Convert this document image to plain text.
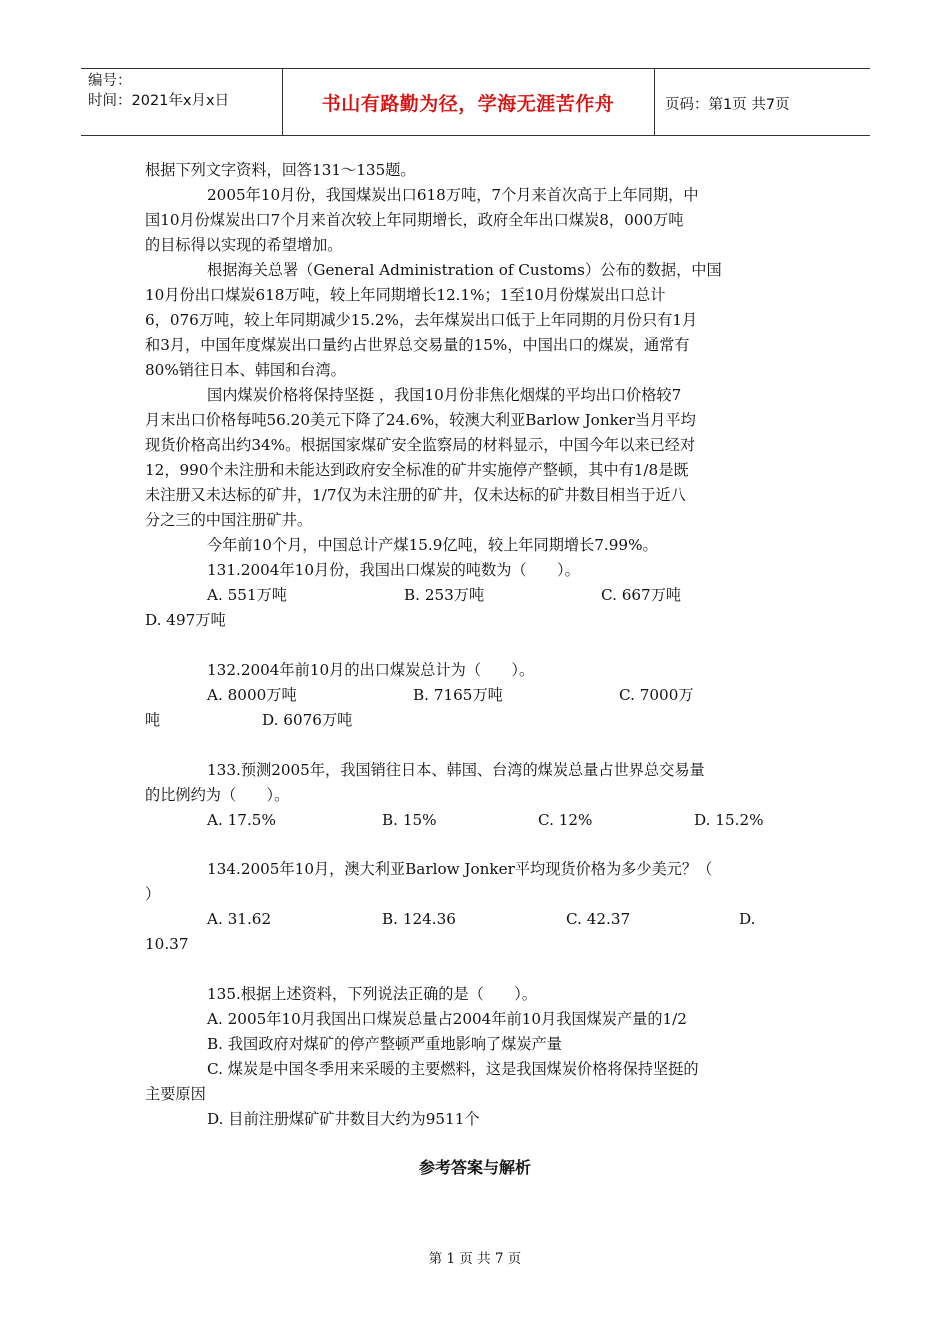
编号：
时间：2021年x月x日	书山有路勤为径，学海无涯苦作舟	页码：第1页 共7页
根据下列文字资料，回答131～135题。
2005年10月份，我国煤炭出口618万吨，7个月来首次高于上年同期，中
国10月份煤炭出口7个月来首次较上年同期增长，政府全年出口煤炭8，000万吨
的目标得以实现的希望增加。
根据海关总署（General Administration of Customs）公布的数据，中国
10月份出口煤炭618万吨，较上年同期增长12.1%；1至10月份煤炭出口总计
6，076万吨，较上年同期减少15.2%，去年煤炭出口低于上年同期的月份只有1月
和3月，中国年度煤炭出口量约占世界总交易量的15%，中国出口的煤炭，通常有
80%销往日本、韩国和台湾。
国内煤炭价格将保持坚挺 ，我国10月份非焦化烟煤的平均出口价格较7
月末出口价格每吨56.20美元下降了24.6%，较澳大利亚Barlow Jonker当月平均
现货价格高出约34%。根据国家煤矿安全监察局的材料显示，中国今年以来已经对
12，990个未注册和未能达到政府安全标准的矿井实施停产整顿，其中有1/8是既
未注册又未达标的矿井，1/7仅为未注册的矿井，仅未达标的矿井数目相当于近八
分之三的中国注册矿井。
今年前10个月，中国总计产煤15.9亿吨，较上年同期增长7.99%。
131.2004年10月份，我国出口煤炭的吨数为（　　）。
A. 551万吨	B. 253万吨	C. 667万吨
D. 497万吨
132.2004年前10月的出口煤炭总计为（　　）。
A. 8000万吨	B. 7165万吨	C. 7000万
吨	D. 6076万吨
133.预测2005年，我国销往日本、韩国、台湾的煤炭总量占世界总交易量
的比例约为（　　）。
A. 17.5%	B. 15%	C. 12%	D. 15.2%
134.2005年10月，澳大利亚Barlow Jonker平均现货价格为多少美元？（
）
A. 31.62	B. 124.36	C. 42.37	D.
10.37
135.根据上述资料，下列说法正确的是（　　）。
A. 2005年10月我国出口煤炭总量占2004年前10月我国煤炭产量的1/2
B. 我国政府对煤矿的停产整顿严重地影响了煤炭产量
C. 煤炭是中国冬季用来采暖的主要燃料，这是我国煤炭价格将保持坚挺的
主要原因
D. 目前注册煤矿矿井数目大约为9511个
参考答案与解析
第 1 页 共 7 页
